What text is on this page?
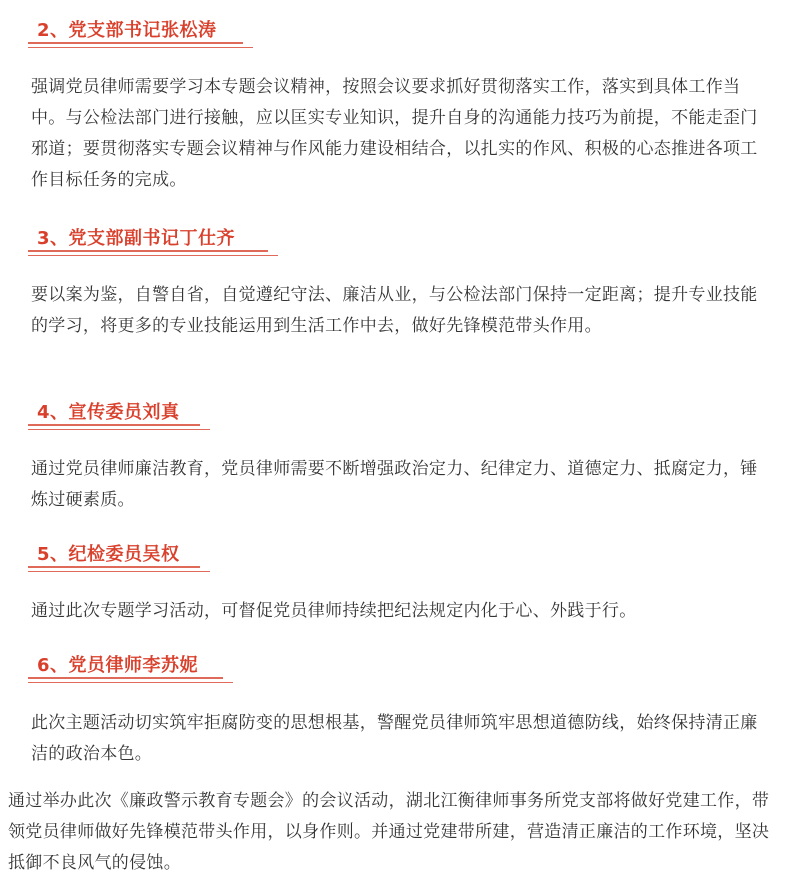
2、党支部书记张松涛
强调党员律师需要学习本专题会议精神，按照会议要求抓好贯彻落实工作，落实到具体工作当中。与公检法部门进行接触，应以匡实专业知识，提升自身的沟通能力技巧为前提，不能走歪门邪道；要贯彻落实专题会议精神与作风能力建设相结合，以扎实的作风、积极的心态推进各项工作目标任务的完成。
3、党支部副书记丁仕齐
要以案为鉴，自警自省，自觉遵纪守法、廉洁从业，与公检法部门保持一定距离；提升专业技能的学习，将更多的专业技能运用到生活工作中去，做好先锋模范带头作用。
4、宣传委员刘真
通过党员律师廉洁教育，党员律师需要不断增强政治定力、纪律定力、道德定力、抵腐定力，锤炼过硬素质。
5、纪检委员吴权
通过此次专题学习活动，可督促党员律师持续把纪法规定内化于心、外践于行。
6、党员律师李苏妮
此次主题活动切实筑牢拒腐防变的思想根基，警醒党员律师筑牢思想道德防线，始终保持清正廉洁的政治本色。
通过举办此次《廉政警示教育专题会》的会议活动，湖北江衡律师事务所党支部将做好党建工作，带领党员律师做好先锋模范带头作用，以身作则。并通过党建带所建，营造清正廉洁的工作环境，坚决抵御不良风气的侵蚀。
